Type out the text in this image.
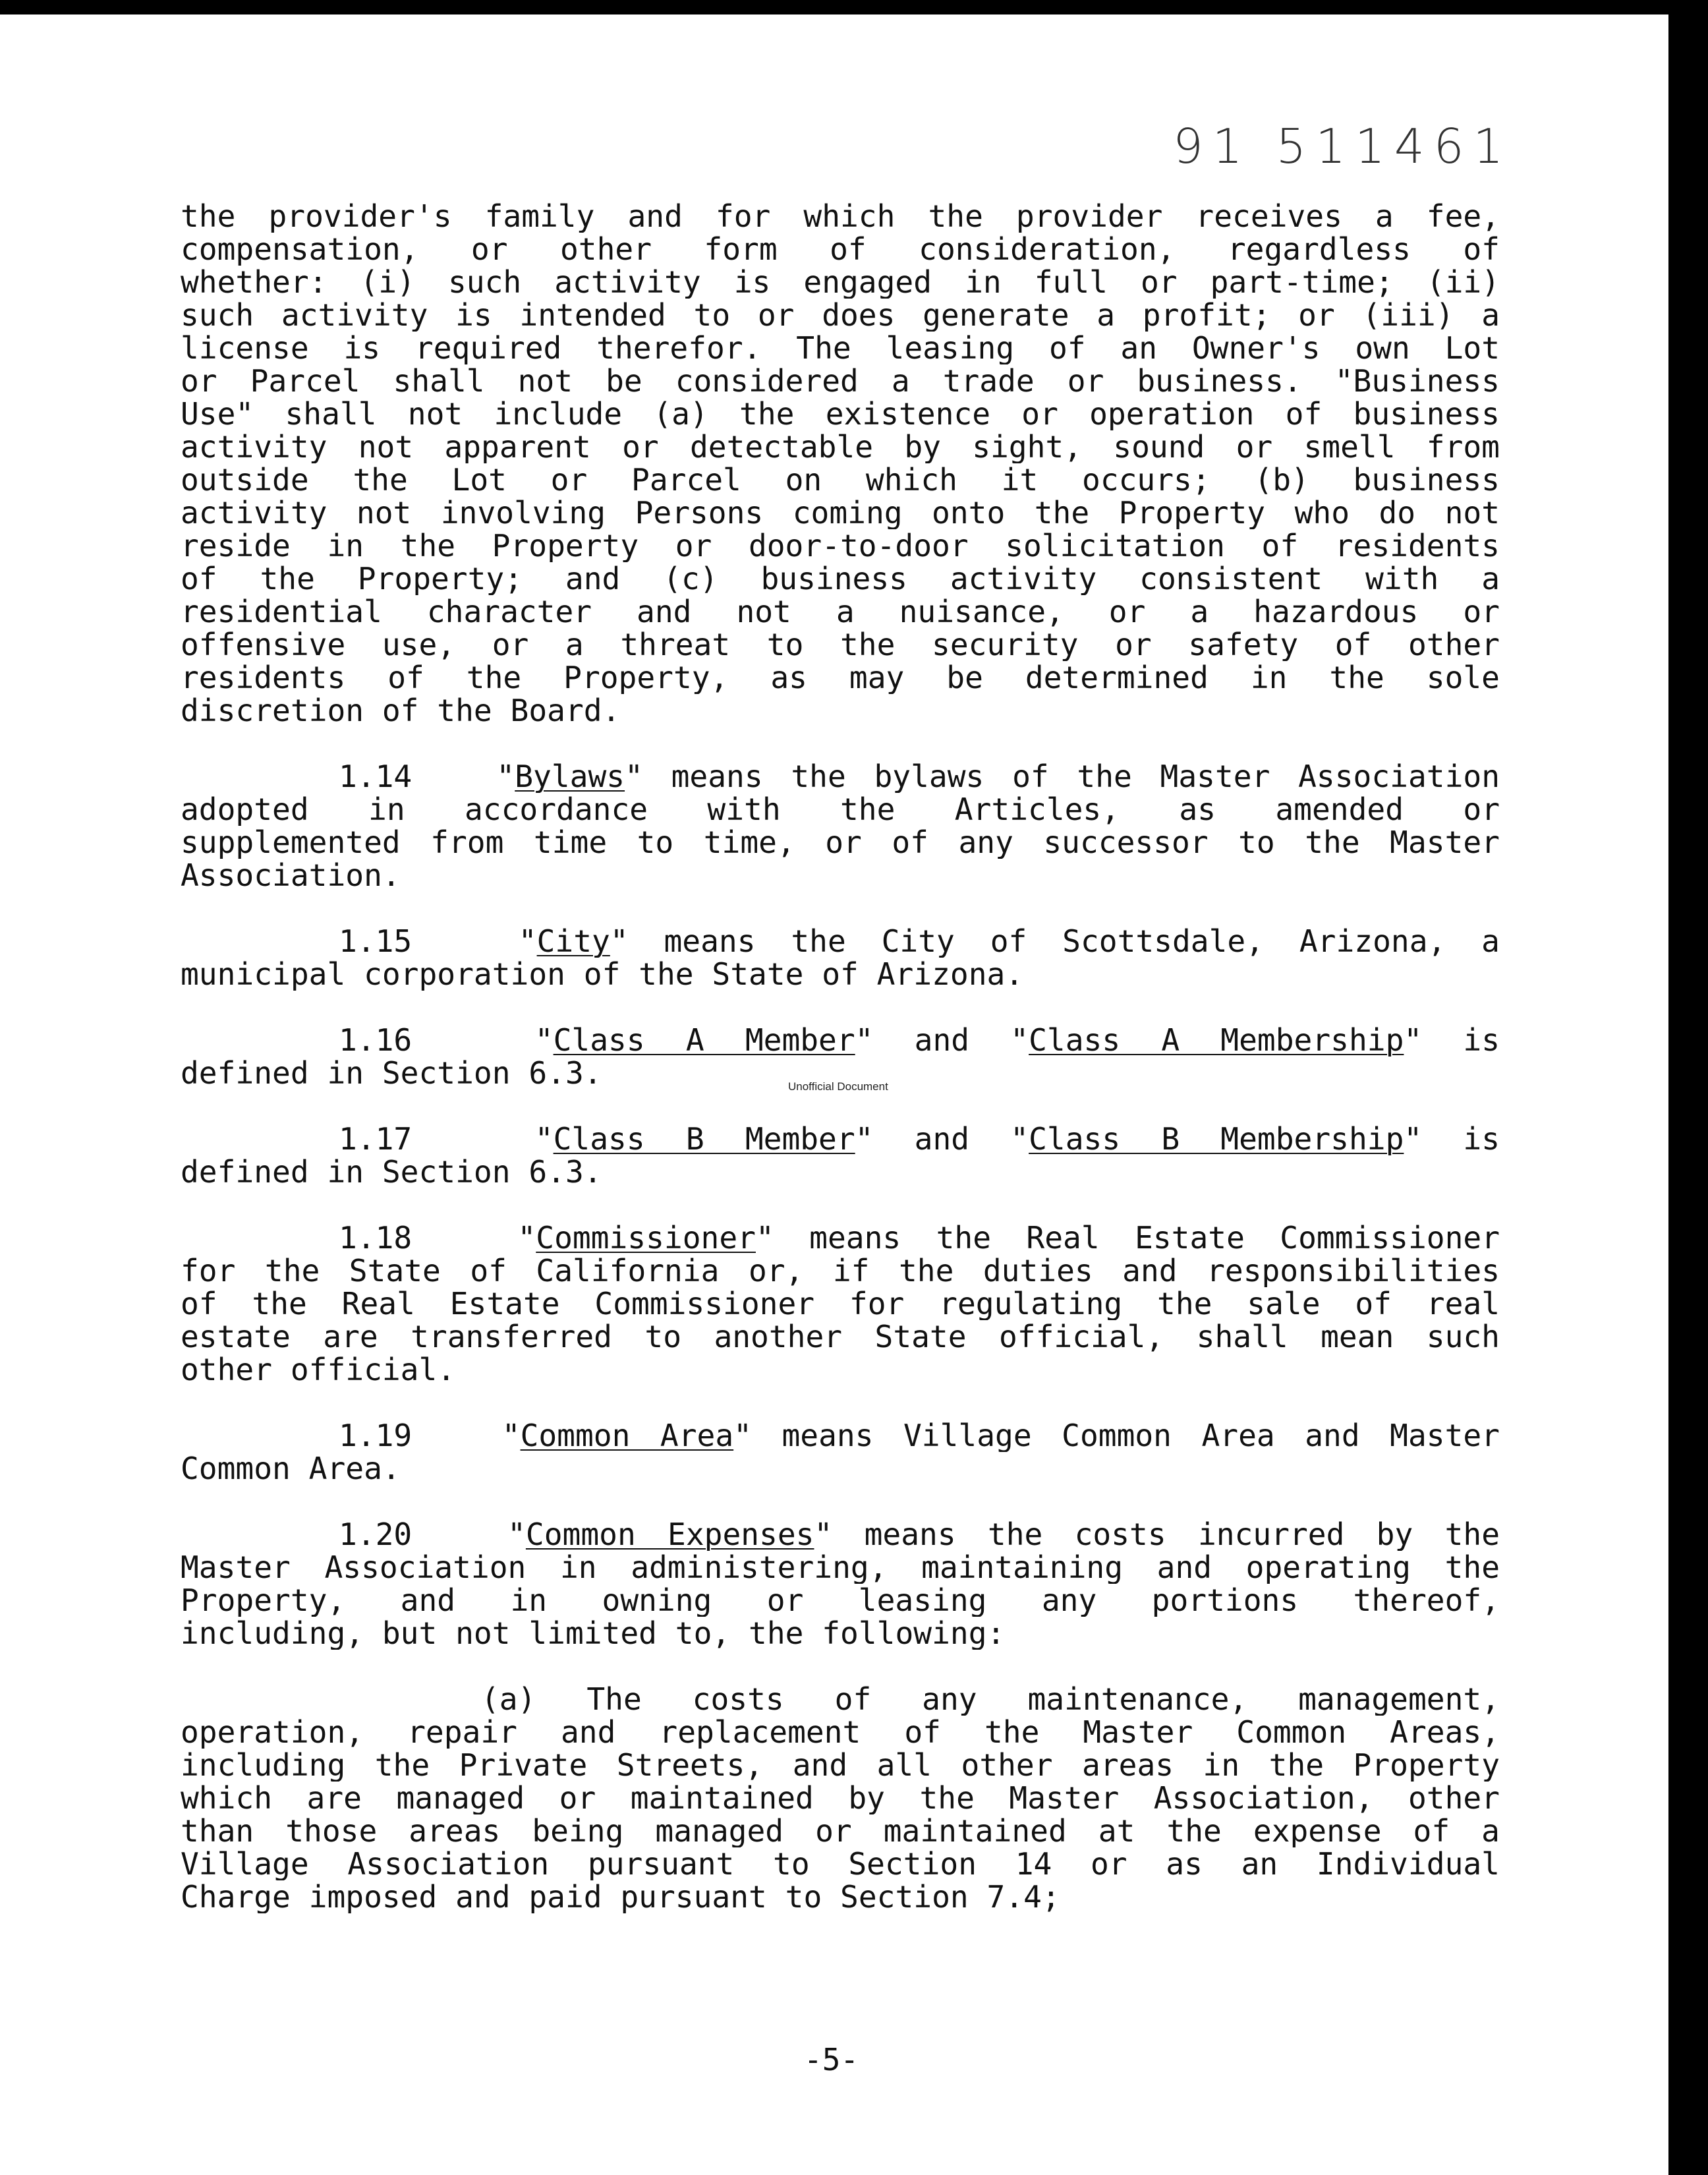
91 511461
the provider's family and for which the provider receives a fee,
compensation, or other form of consideration, regardless of
whether: (i) such activity is engaged in full or part-time; (ii)
such activity is intended to or does generate a profit; or (iii) a
license is required therefor. The leasing of an Owner's own Lot
or Parcel shall not be considered a trade or business. "Business
Use" shall not include (a) the existence or operation of business
activity not apparent or detectable by sight, sound or smell from
outside the Lot or Parcel on which it occurs; (b) business
activity not involving Persons coming onto the Property who do not
reside in the Property or door-to-door solicitation of residents
of the Property; and (c) business activity consistent with a
residential character and not a nuisance, or a hazardous or
offensive use, or a threat to the security or safety of other
residents of the Property, as may be determined in the sole
discretion of the Board.
1.14   "Bylaws" means the bylaws of the Master Association
adopted in accordance with the Articles, as amended or
supplemented from time to time, or of any successor to the Master
Association.
1.15   "City" means the City of Scottsdale, Arizona, a
municipal corporation of the State of Arizona.
1.16   "Class A Member" and "Class A Membership" is
defined in Section 6.3.	Unofficial Document
1.17   "Class B Member" and "Class B Membership" is
defined in Section 6.3.
1.18   "Commissioner" means the Real Estate Commissioner
for the State of California or, if the duties and responsibilities
of the Real Estate Commissioner for regulating the sale of real
estate are transferred to another State official, shall mean such
other official.
1.19   "Common Area" means Village Common Area and Master
Common Area.
1.20   "Common Expenses" means the costs incurred by the
Master Association in administering, maintaining and operating the
Property, and in owning or leasing any portions thereof,
including, but not limited to, the following:
(a) The costs of any maintenance, management,
operation, repair and replacement of the Master Common Areas,
including the Private Streets, and all other areas in the Property
which are managed or maintained by the Master Association, other
than those areas being managed or maintained at the expense of a
Village Association pursuant to Section 14 or as an Individual
Charge imposed and paid pursuant to Section 7.4;
-5-
